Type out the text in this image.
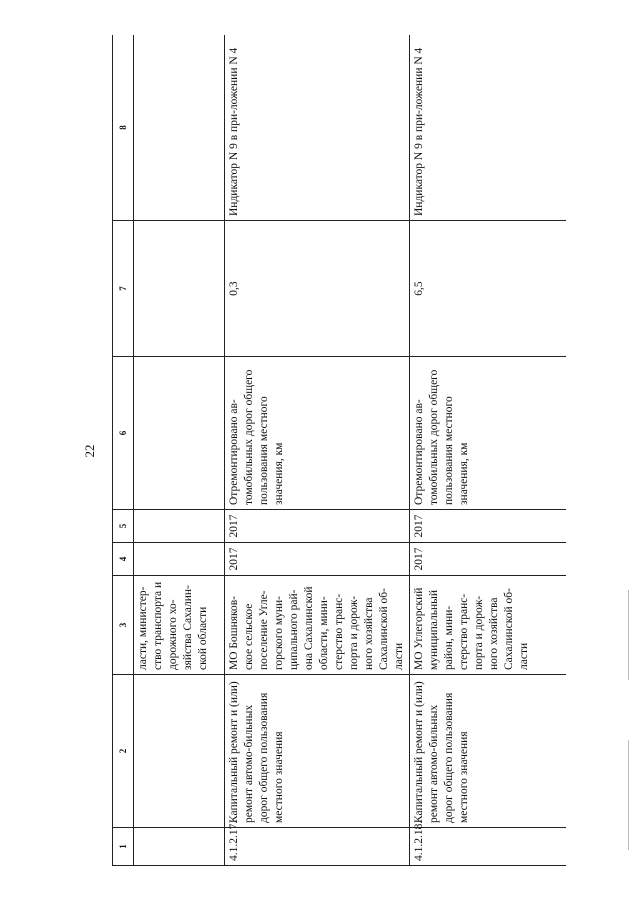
22
1	2	3	4	5	6	7	8
		ласти, министер-ство транспорта и дорожного хо-зяйства Сахалин-ской области					
4.1.2.17.	Капитальный ремонт и (или) ремонт автомо-бильных дорог общего пользования местного значения	МО Бошняков-ское сельское поселение Угле-горского муни-ципального рай-она Сахалинской области, мини-стерство транс-порта и дорож-ного хозяйства Сахалинской об-ласти	2017	2017	Отремонтировано ав-томобильных дорог общего пользования местного значения, км	0,3	Индикатор N 9 в при-ложении N 4
4.1.2.18.	Капитальный ремонт и (или) ремонт автомо-бильных дорог общего пользования местного значения	МО Углегорский муниципальный район, мини-стерство транс-порта и дорож-ного хозяйства Сахалинской об-ласти	2017	2017	Отремонтировано ав-томобильных дорог общего пользования местного значения, км	6,5	Индикатор N 9 в при-ложении N 4
